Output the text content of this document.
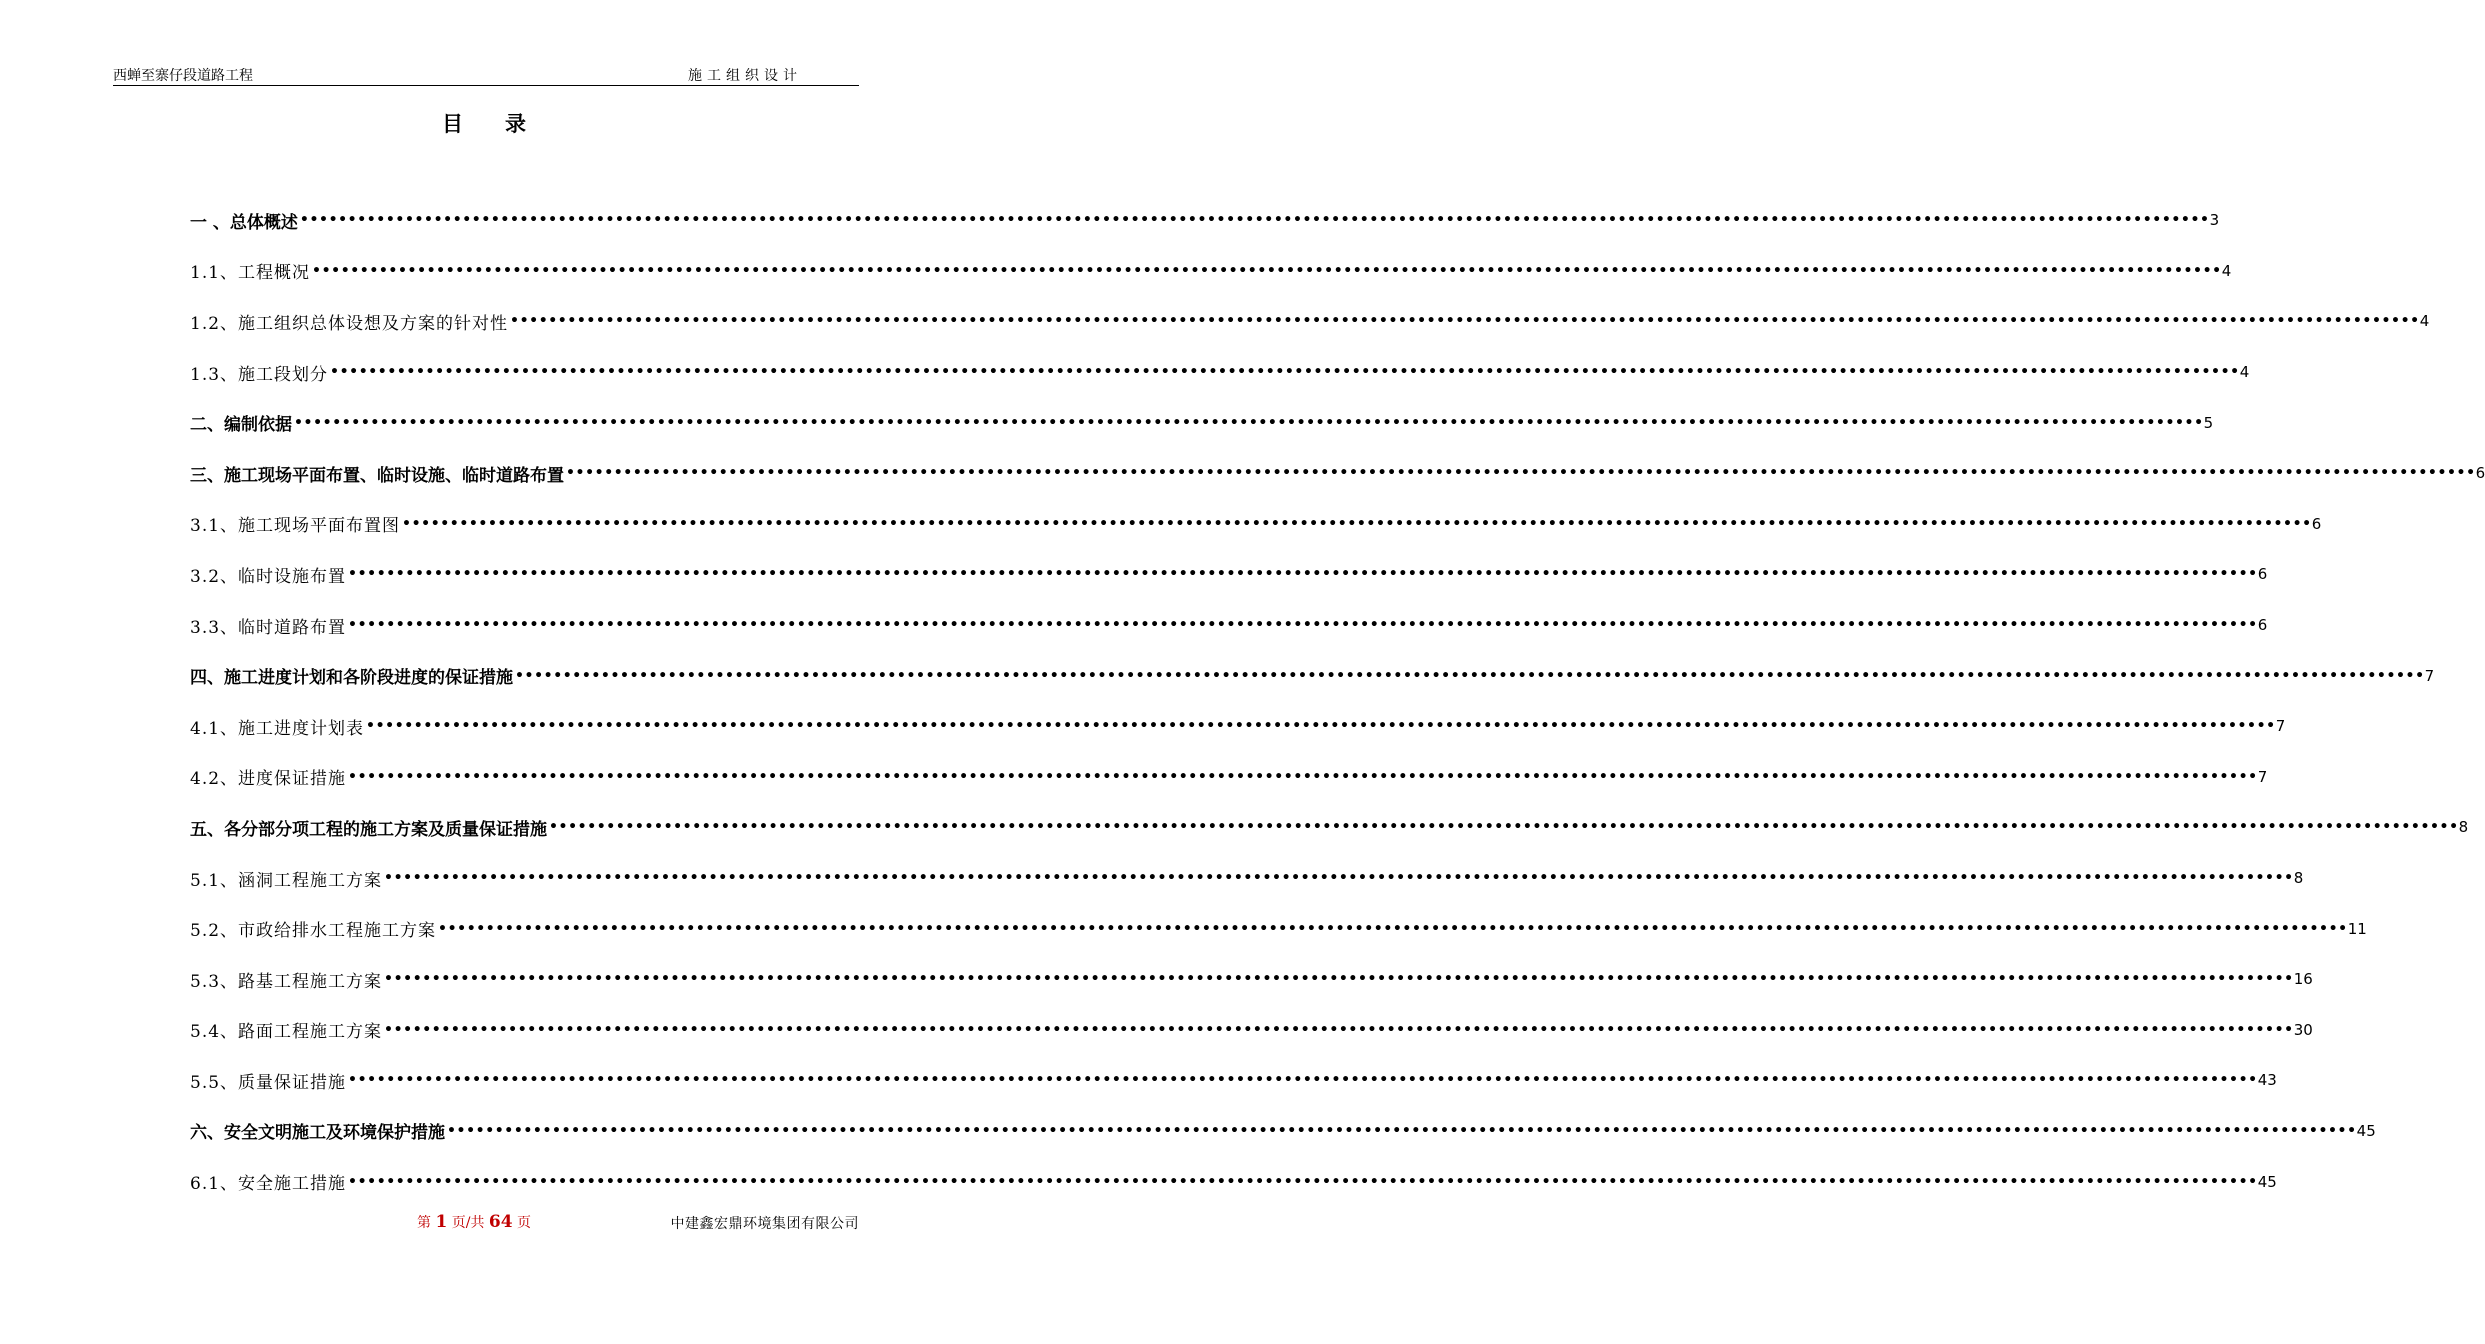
西蝉至寨仔段道路工程	施工组织设计
目录
一 、总体概述 •••••••••••••••••••••••••••••••••••••••••••••••••••••••••••••••••••••••••••••••••••••••••••••••••••••••••••••••••••••••••••••••••••••••••••••••••••••••••••••••••••••••••••••••••••••••••••••••••••••••• 3
1.1、工程概况 •••••••••••••••••••••••••••••••••••••••••••••••••••••••••••••••••••••••••••••••••••••••••••••••••••••••••••••••••••••••••••••••••••••••••••••••••••••••••••••••••••••••••••••••••••••••••••••••••••••••• 4
1.2、施工组织总体设想及方案的针对性 •••••••••••••••••••••••••••••••••••••••••••••••••••••••••••••••••••••••••••••••••••••••••••••••••••••••••••••••••••••••••••••••••••••••••••••••••••••••••••••••••••••••••••••••••••••••••••••••••••••••• 4
1.3、施工段划分 •••••••••••••••••••••••••••••••••••••••••••••••••••••••••••••••••••••••••••••••••••••••••••••••••••••••••••••••••••••••••••••••••••••••••••••••••••••••••••••••••••••••••••••••••••••••••••••••••••••••• 4
二、编制依据 •••••••••••••••••••••••••••••••••••••••••••••••••••••••••••••••••••••••••••••••••••••••••••••••••••••••••••••••••••••••••••••••••••••••••••••••••••••••••••••••••••••••••••••••••••••••••••••••••••••••• 5
三、施工现场平面布置、临时设施、临时道路布置 •••••••••••••••••••••••••••••••••••••••••••••••••••••••••••••••••••••••••••••••••••••••••••••••••••••••••••••••••••••••••••••••••••••••••••••••••••••••••••••••••••••••••••••••••••••••••••••••••••••••• 6
3.1、施工现场平面布置图 •••••••••••••••••••••••••••••••••••••••••••••••••••••••••••••••••••••••••••••••••••••••••••••••••••••••••••••••••••••••••••••••••••••••••••••••••••••••••••••••••••••••••••••••••••••••••••••••••••••••• 6
3.2、临时设施布置 •••••••••••••••••••••••••••••••••••••••••••••••••••••••••••••••••••••••••••••••••••••••••••••••••••••••••••••••••••••••••••••••••••••••••••••••••••••••••••••••••••••••••••••••••••••••••••••••••••••••• 6
3.3、临时道路布置 •••••••••••••••••••••••••••••••••••••••••••••••••••••••••••••••••••••••••••••••••••••••••••••••••••••••••••••••••••••••••••••••••••••••••••••••••••••••••••••••••••••••••••••••••••••••••••••••••••••••• 6
四、施工进度计划和各阶段进度的保证措施 •••••••••••••••••••••••••••••••••••••••••••••••••••••••••••••••••••••••••••••••••••••••••••••••••••••••••••••••••••••••••••••••••••••••••••••••••••••••••••••••••••••••••••••••••••••••••••••••••••••••• 7
4.1、施工进度计划表 •••••••••••••••••••••••••••••••••••••••••••••••••••••••••••••••••••••••••••••••••••••••••••••••••••••••••••••••••••••••••••••••••••••••••••••••••••••••••••••••••••••••••••••••••••••••••••••••••••••••• 7
4.2、进度保证措施 •••••••••••••••••••••••••••••••••••••••••••••••••••••••••••••••••••••••••••••••••••••••••••••••••••••••••••••••••••••••••••••••••••••••••••••••••••••••••••••••••••••••••••••••••••••••••••••••••••••••• 7
五、各分部分项工程的施工方案及质量保证措施 •••••••••••••••••••••••••••••••••••••••••••••••••••••••••••••••••••••••••••••••••••••••••••••••••••••••••••••••••••••••••••••••••••••••••••••••••••••••••••••••••••••••••••••••••••••••••••••••••••••••• 8
5.1、涵洞工程施工方案 •••••••••••••••••••••••••••••••••••••••••••••••••••••••••••••••••••••••••••••••••••••••••••••••••••••••••••••••••••••••••••••••••••••••••••••••••••••••••••••••••••••••••••••••••••••••••••••••••••••••• 8
5.2、市政给排水工程施工方案 •••••••••••••••••••••••••••••••••••••••••••••••••••••••••••••••••••••••••••••••••••••••••••••••••••••••••••••••••••••••••••••••••••••••••••••••••••••••••••••••••••••••••••••••••••••••••••••••••••••••• 11
5.3、路基工程施工方案 •••••••••••••••••••••••••••••••••••••••••••••••••••••••••••••••••••••••••••••••••••••••••••••••••••••••••••••••••••••••••••••••••••••••••••••••••••••••••••••••••••••••••••••••••••••••••••••••••••••••• 16
5.4、路面工程施工方案 •••••••••••••••••••••••••••••••••••••••••••••••••••••••••••••••••••••••••••••••••••••••••••••••••••••••••••••••••••••••••••••••••••••••••••••••••••••••••••••••••••••••••••••••••••••••••••••••••••••••• 30
5.5、质量保证措施 •••••••••••••••••••••••••••••••••••••••••••••••••••••••••••••••••••••••••••••••••••••••••••••••••••••••••••••••••••••••••••••••••••••••••••••••••••••••••••••••••••••••••••••••••••••••••••••••••••••••• 43
六、安全文明施工及环境保护措施 •••••••••••••••••••••••••••••••••••••••••••••••••••••••••••••••••••••••••••••••••••••••••••••••••••••••••••••••••••••••••••••••••••••••••••••••••••••••••••••••••••••••••••••••••••••••••••••••••••••••• 45
6.1、安全施工措施 •••••••••••••••••••••••••••••••••••••••••••••••••••••••••••••••••••••••••••••••••••••••••••••••••••••••••••••••••••••••••••••••••••••••••••••••••••••••••••••••••••••••••••••••••••••••••••••••••••••••• 45
第 1 页/共 64 页	中建鑫宏鼎环境集团有限公司
